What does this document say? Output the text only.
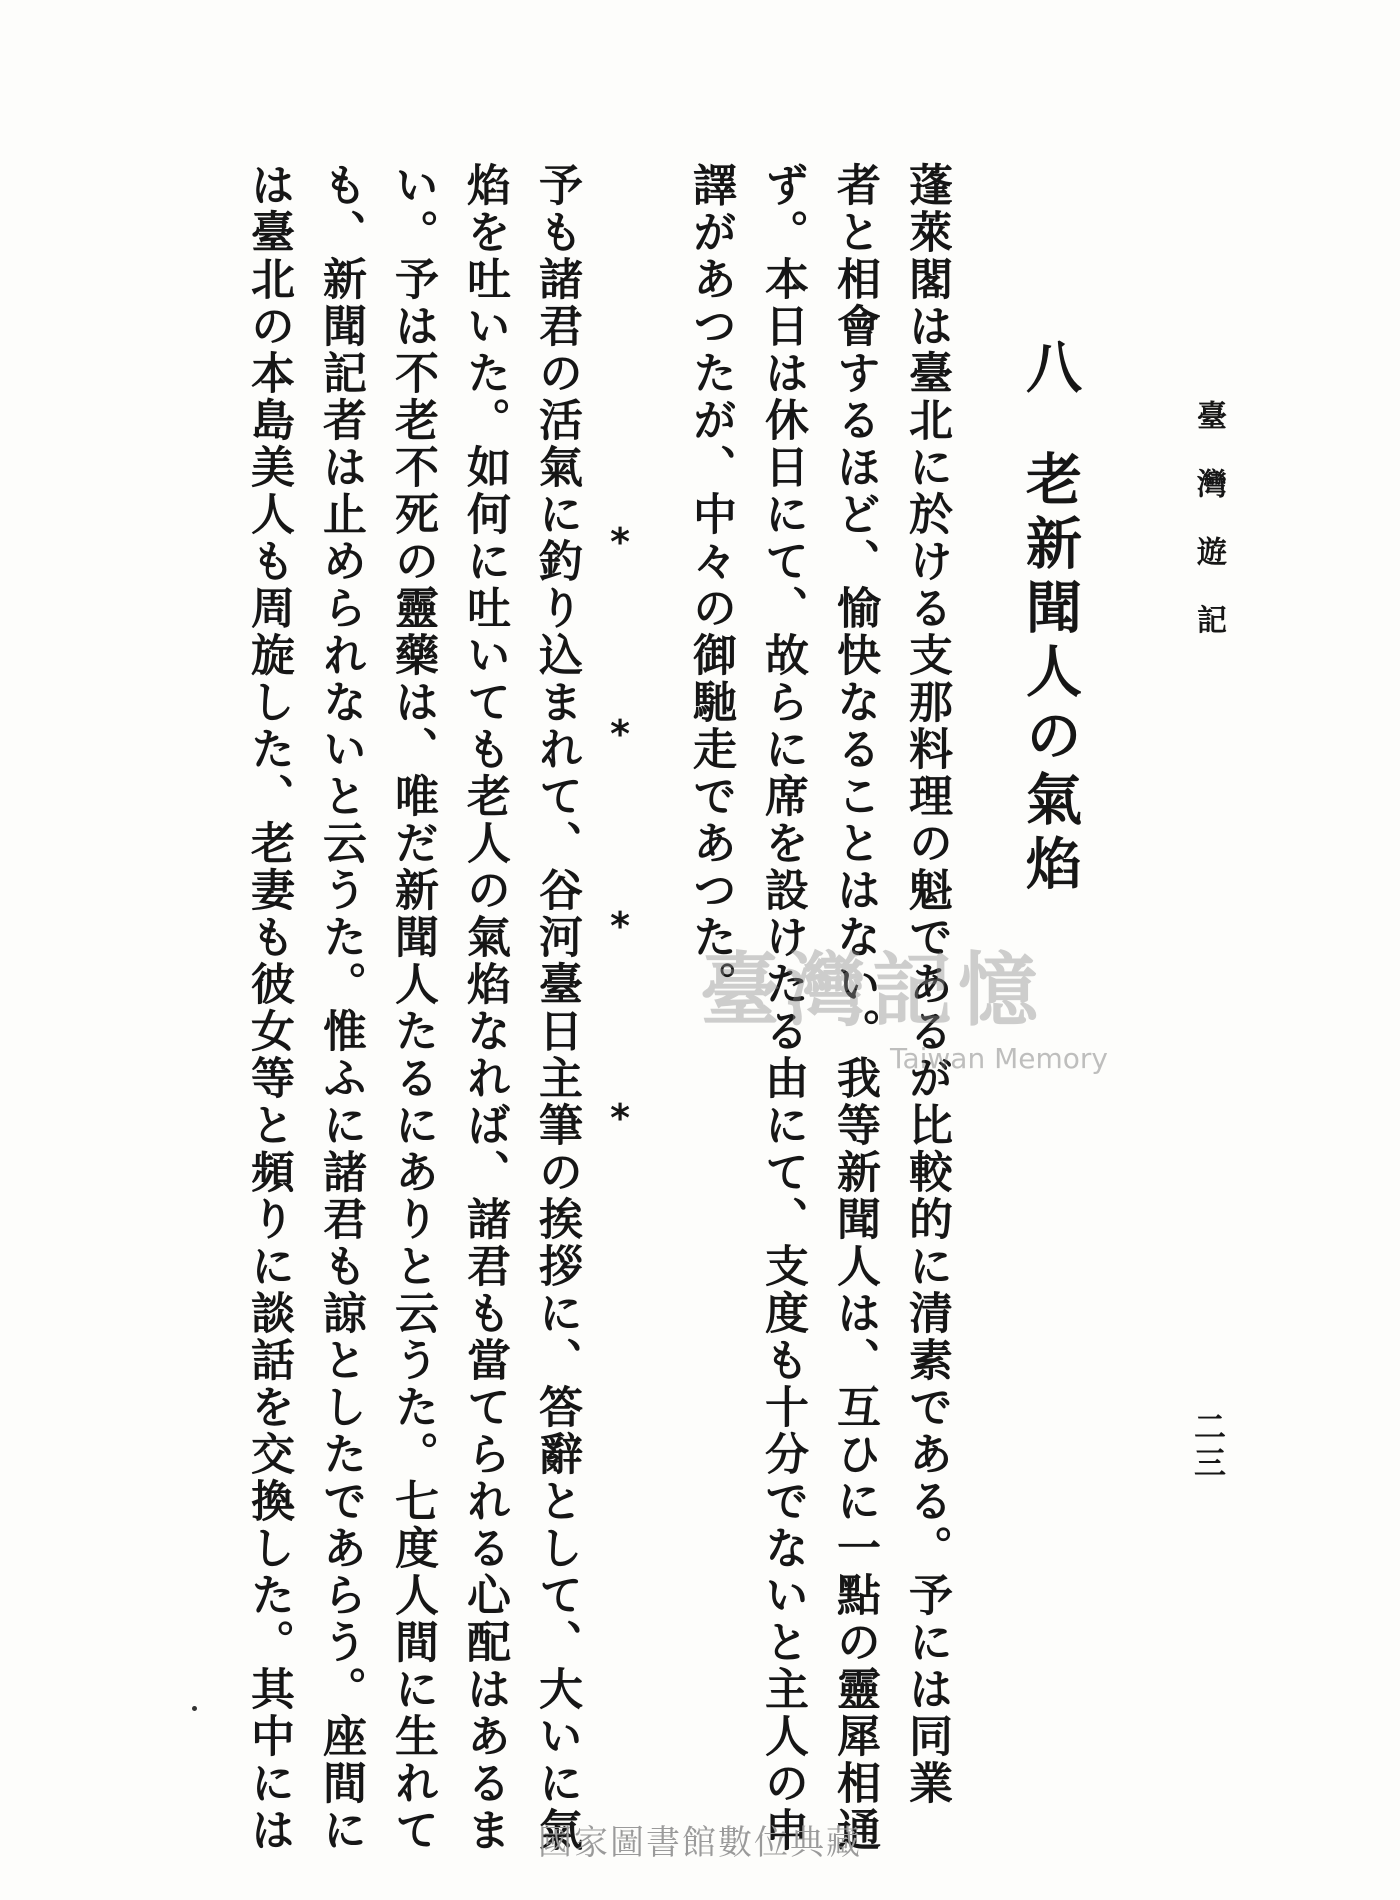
臺灣遊記
二三
八老新聞人の氣焰
蓬萊閣は臺北に於ける支那料理の魁であるが比較的に清素である。予には同業
者と相會するほど、愉快なることはない。我等新聞人は、互ひに一點の靈犀相通
ず。本日は休日にて、故らに席を設けたる由にて、支度も十分でないと主人の申
譯があつたが、中々の御馳走であつた。
*
*
*
*
予も諸君の活氣に釣り込まれて、谷河臺日主筆の挨拶に、答辭として、大いに氣
焰を吐いた。如何に吐いても老人の氣焰なれば、諸君も當てられる心配はあるま
い。予は不老不死の靈藥は、唯だ新聞人たるにありと云うた。七度人間に生れて
も、新聞記者は止められないと云うた。惟ふに諸君も諒としたであらう。座間に
は臺北の本島美人も周旋した、老妻も彼女等と頻りに談話を交換した。其中には	臺灣記憶
Taiwan Memory
國家圖書館數位典藏
